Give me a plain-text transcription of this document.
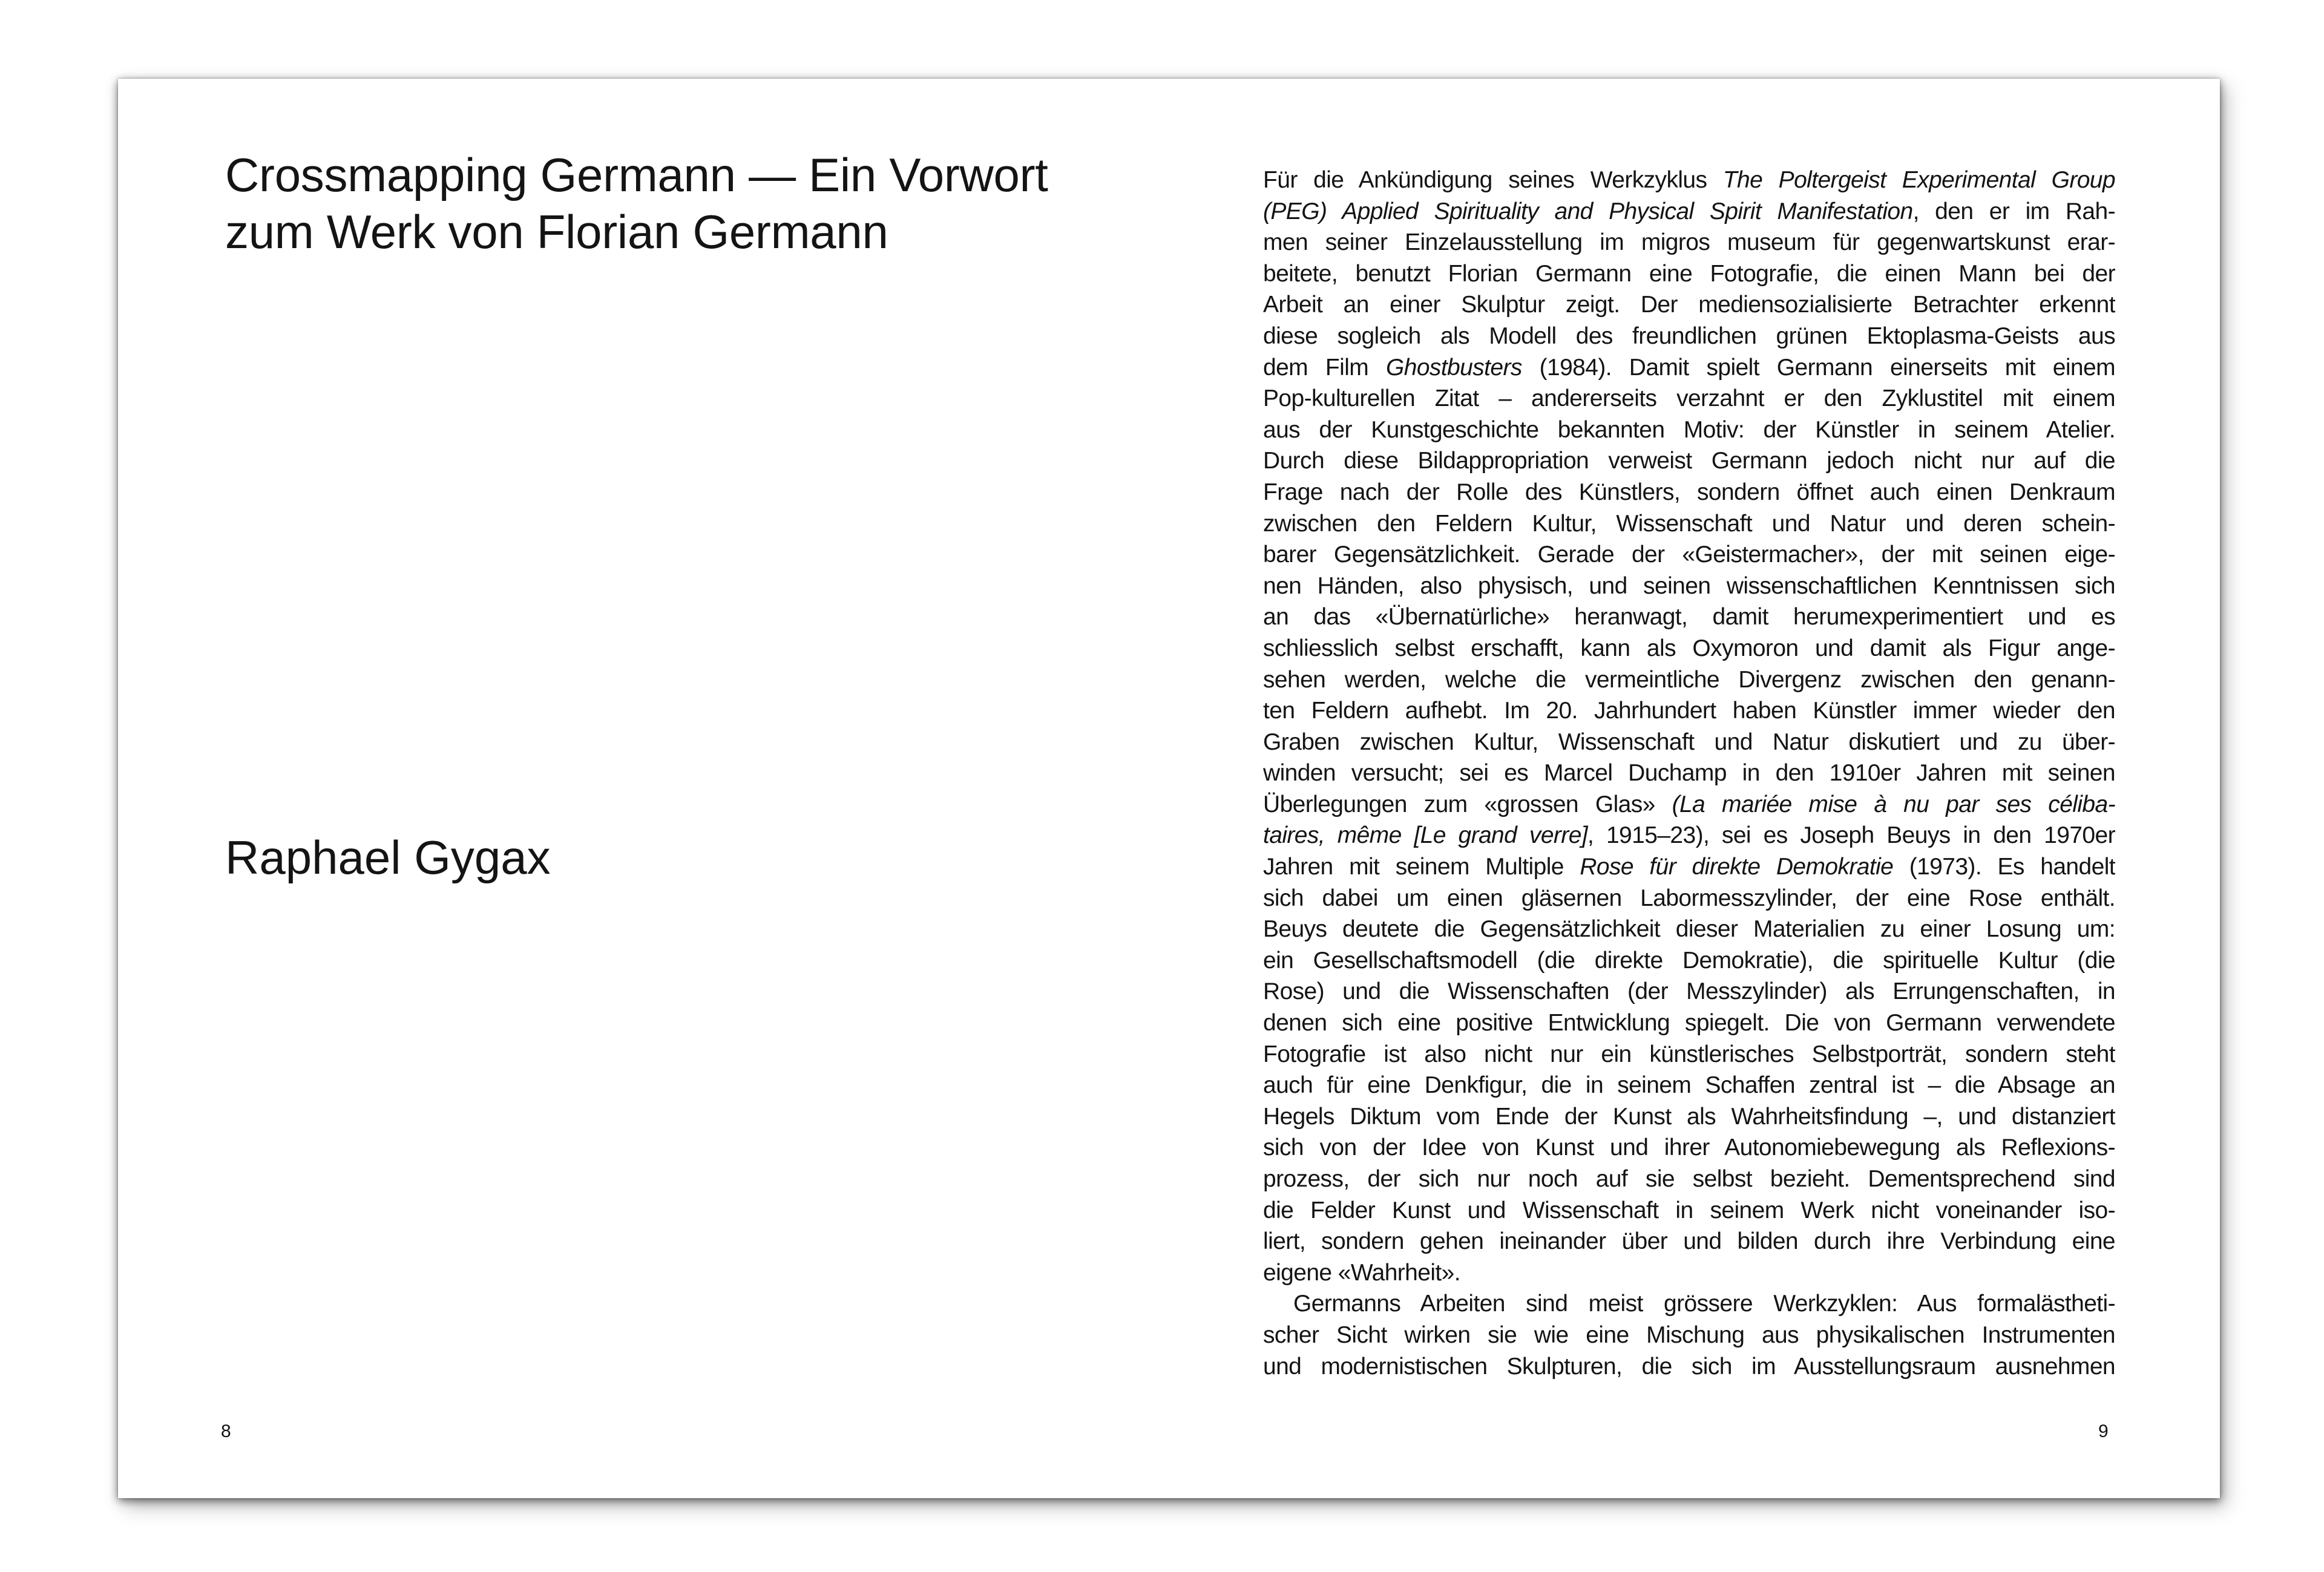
Crossmapping Germann — Ein Vorwort
zum Werk von Florian Germann
Raphael Gygax
8
Für die Ankündigung seines Werkzyklus The Poltergeist Experimental Group
(PEG) Applied Spirituality and Physical Spirit Manifestation, den er im Rah-
men seiner Einzelausstellung im migros museum für gegenwartskunst erar-
beitete, benutzt Florian Germann eine Fotografie, die einen Mann bei der
Arbeit an einer Skulptur zeigt. Der mediensozialisierte Betrachter erkennt
diese sogleich als Modell des freundlichen grünen Ektoplasma-Geists aus
dem Film Ghostbusters (1984). Damit spielt Germann einerseits mit einem
Pop-kulturellen Zitat – andererseits verzahnt er den Zyklustitel mit einem
aus der Kunstgeschichte bekannten Motiv: der Künstler in seinem Atelier.
Durch diese Bildappropriation verweist Germann jedoch nicht nur auf die
Frage nach der Rolle des Künstlers, sondern öffnet auch einen Denkraum
zwischen den Feldern Kultur, Wissenschaft und Natur und deren schein-
barer Gegensätzlichkeit. Gerade der «Geistermacher», der mit seinen eige-
nen Händen, also physisch, und seinen wissenschaftlichen Kenntnissen sich
an das «Übernatürliche» heranwagt, damit herumexperimentiert und es
schliesslich selbst erschafft, kann als Oxymoron und damit als Figur ange-
sehen werden, welche die vermeintliche Divergenz zwischen den genann-
ten Feldern aufhebt. Im 20. Jahrhundert haben Künstler immer wieder den
Graben zwischen Kultur, Wissenschaft und Natur diskutiert und zu über-
winden versucht; sei es Marcel Duchamp in den 1910er Jahren mit seinen
Überlegungen zum «grossen Glas» (La mariée mise à nu par ses céliba-
taires, même [Le grand verre], 1915–23), sei es Joseph Beuys in den 1970er
Jahren mit seinem Multiple Rose für direkte Demokratie (1973). Es handelt
sich dabei um einen gläsernen Labormesszylinder, der eine Rose enthält.
Beuys deutete die Gegensätzlichkeit dieser Materialien zu einer Losung um:
ein Gesellschaftsmodell (die direkte Demokratie), die spirituelle Kultur (die
Rose) und die Wissenschaften (der Messzylinder) als Errungenschaften, in
denen sich eine positive Entwicklung spiegelt. Die von Germann verwendete
Fotografie ist also nicht nur ein künstlerisches Selbstporträt, sondern steht
auch für eine Denkfigur, die in seinem Schaffen zentral ist – die Absage an
Hegels Diktum vom Ende der Kunst als Wahrheitsfindung –, und distanziert
sich von der Idee von Kunst und ihrer Autonomiebewegung als Reflexions-
prozess, der sich nur noch auf sie selbst bezieht. Dementsprechend sind
die Felder Kunst und Wissenschaft in seinem Werk nicht voneinander iso-
liert, sondern gehen ineinander über und bilden durch ihre Verbindung eine
eigene «Wahrheit».
Germanns Arbeiten sind meist grössere Werkzyklen: Aus formalästheti-
scher Sicht wirken sie wie eine Mischung aus physikalischen Instrumenten
und modernistischen Skulpturen, die sich im Ausstellungsraum ausnehmen
9
